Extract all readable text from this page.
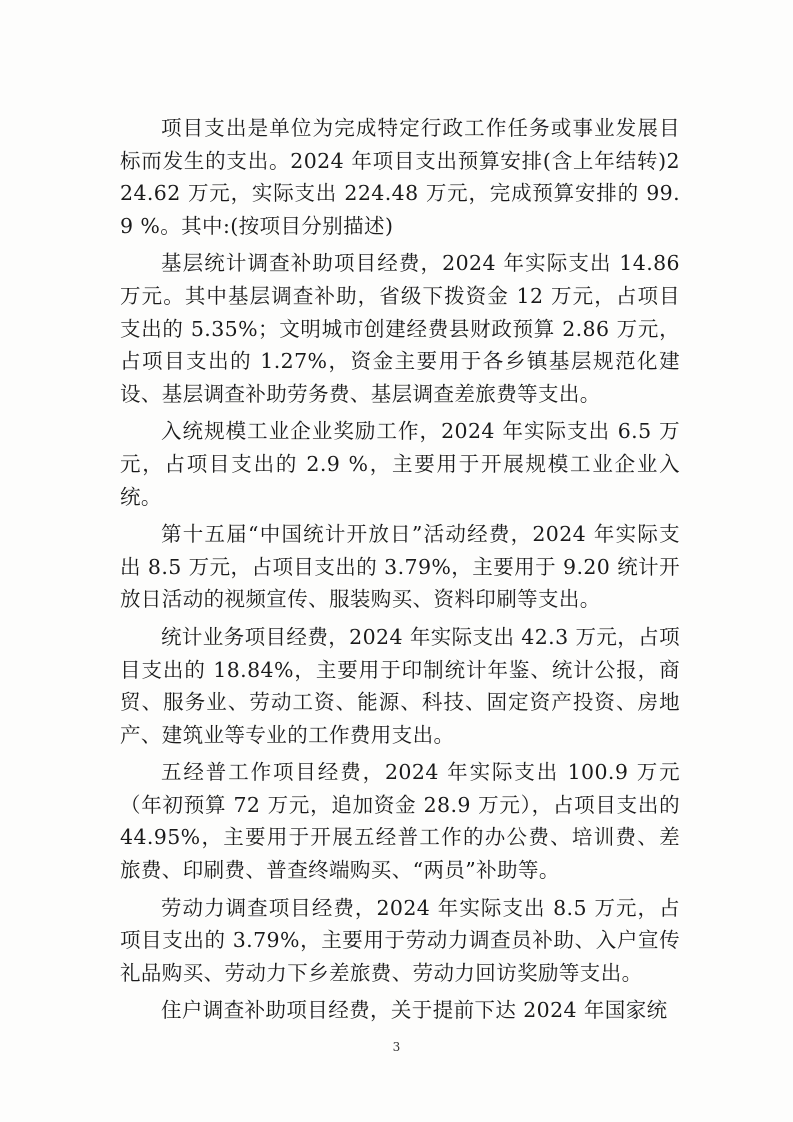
项目支出是单位为完成特定行政工作任务或事业发展目标而发生的支出。2024 年项目支出预算安排(含上年结转)224.62 万元，实际支出 224.48 万元，完成预算安排的 99.9 %。其中:(按项目分别描述)

基层统计调查补助项目经费，2024 年实际支出 14.86 万元。其中基层调查补助，省级下拨资金 12 万元，占项目支出的 5.35%；文明城市创建经费县财政预算 2.86 万元，占项目支出的 1.27%，资金主要用于各乡镇基层规范化建设、基层调查补助劳务费、基层调查差旅费等支出。

入统规模工业企业奖励工作，2024 年实际支出 6.5 万元，占项目支出的 2.9 %，主要用于开展规模工业企业入统。

第十五届“中国统计开放日”活动经费，2024 年实际支出 8.5 万元，占项目支出的 3.79%，主要用于 9.20 统计开放日活动的视频宣传、服装购买、资料印刷等支出。

统计业务项目经费，2024 年实际支出 42.3 万元，占项目支出的 18.84%，主要用于印制统计年鉴、统计公报，商贸、服务业、劳动工资、能源、科技、固定资产投资、房地产、建筑业等专业的工作费用支出。

五经普工作项目经费，2024 年实际支出 100.9 万元（年初预算 72 万元，追加资金 28.9 万元），占项目支出的 44.95%，主要用于开展五经普工作的办公费、培训费、差旅费、印刷费、普查终端购买、“两员”补助等。

劳动力调查项目经费，2024 年实际支出 8.5 万元，占项目支出的 3.79%，主要用于劳动力调查员补助、入户宣传礼品购买、劳动力下乡差旅费、劳动力回访奖励等支出。

住户调查补助项目经费，关于提前下达 2024 年国家统

3
